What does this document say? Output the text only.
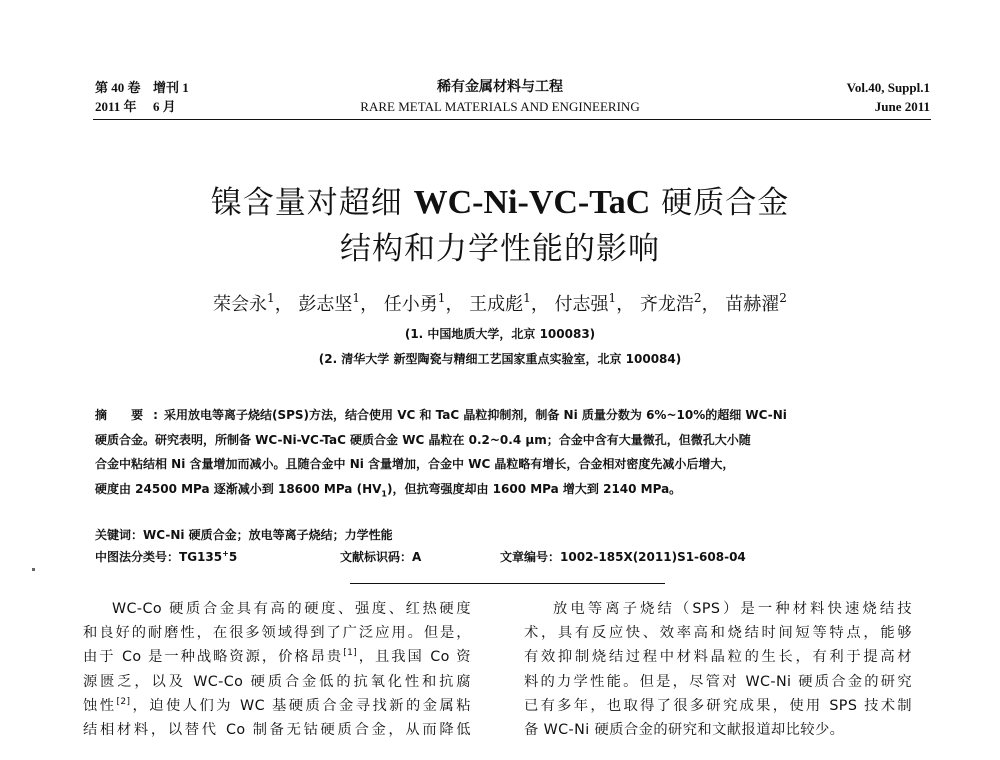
第 40 卷 增刊 1
2011 年 6 月
稀有金属材料与工程
RARE METAL MATERIALS AND ENGINEERING
Vol.40, Suppl.1
June 2011
镍含量对超细 WC-Ni-VC-TaC 硬质合金
结构和力学性能的影响
荣会永$^1$， 彭志坚$^1$， 任小勇$^1$， 王成彪$^1$， 付志强$^1$， 齐龙浩$^2$， 苗赫濯$^2$
(1. 中国地质大学，北京 100083)
(2. 清华大学 新型陶瓷与精细工艺国家重点实验室，北京 100084)
摘 要:采用放电等离子烧结(SPS)方法，结合使用 VC 和 TaC 晶粒抑制剂，制备 Ni 质量分数为 6%~10%的超细 WC-Ni
硬质合金。研究表明，所制备 WC-Ni-VC-TaC 硬质合金 WC 晶粒在 0.2~0.4 μm；合金中含有大量微孔，但微孔大小随
合金中粘结相 Ni 含量增加而减小。且随合金中 Ni 含量增加，合金中 WC 晶粒略有增长，合金相对密度先减小后增大，
硬度由 24500 MPa 逐渐减小到 18600 MPa $(HV_1)$，但抗弯强度却由 1600 MPa 增大到 2140 MPa。
关键词：WC-Ni 硬质合金；放电等离子烧结；力学性能
中图法分类号：TG135+5	文献标识码：A	文章编号：1002-185X(2011)S1-608-04
WC-Co 硬质合金具有高的硬度、强度、红热硬度
和良好的耐磨性，在很多领域得到了广泛应用。但是，
由于 Co 是一种战略资源，价格昂贵[1]，且我国 Co 资
源匮乏，以及 WC-Co 硬质合金低的抗氧化性和抗腐
蚀性[2]，迫使人们为 WC 基硬质合金寻找新的金属粘
结相材料，以替代 Co 制备无钴硬质合金，从而降低
放电等离子烧结（SPS）是一种材料快速烧结技
术，具有反应快、效率高和烧结时间短等特点，能够
有效抑制烧结过程中材料晶粒的生长，有利于提高材
料的力学性能。但是，尽管对 WC-Ni 硬质合金的研究
已有多年，也取得了很多研究成果，使用 SPS 技术制
备 WC-Ni 硬质合金的研究和文献报道却比较少。
